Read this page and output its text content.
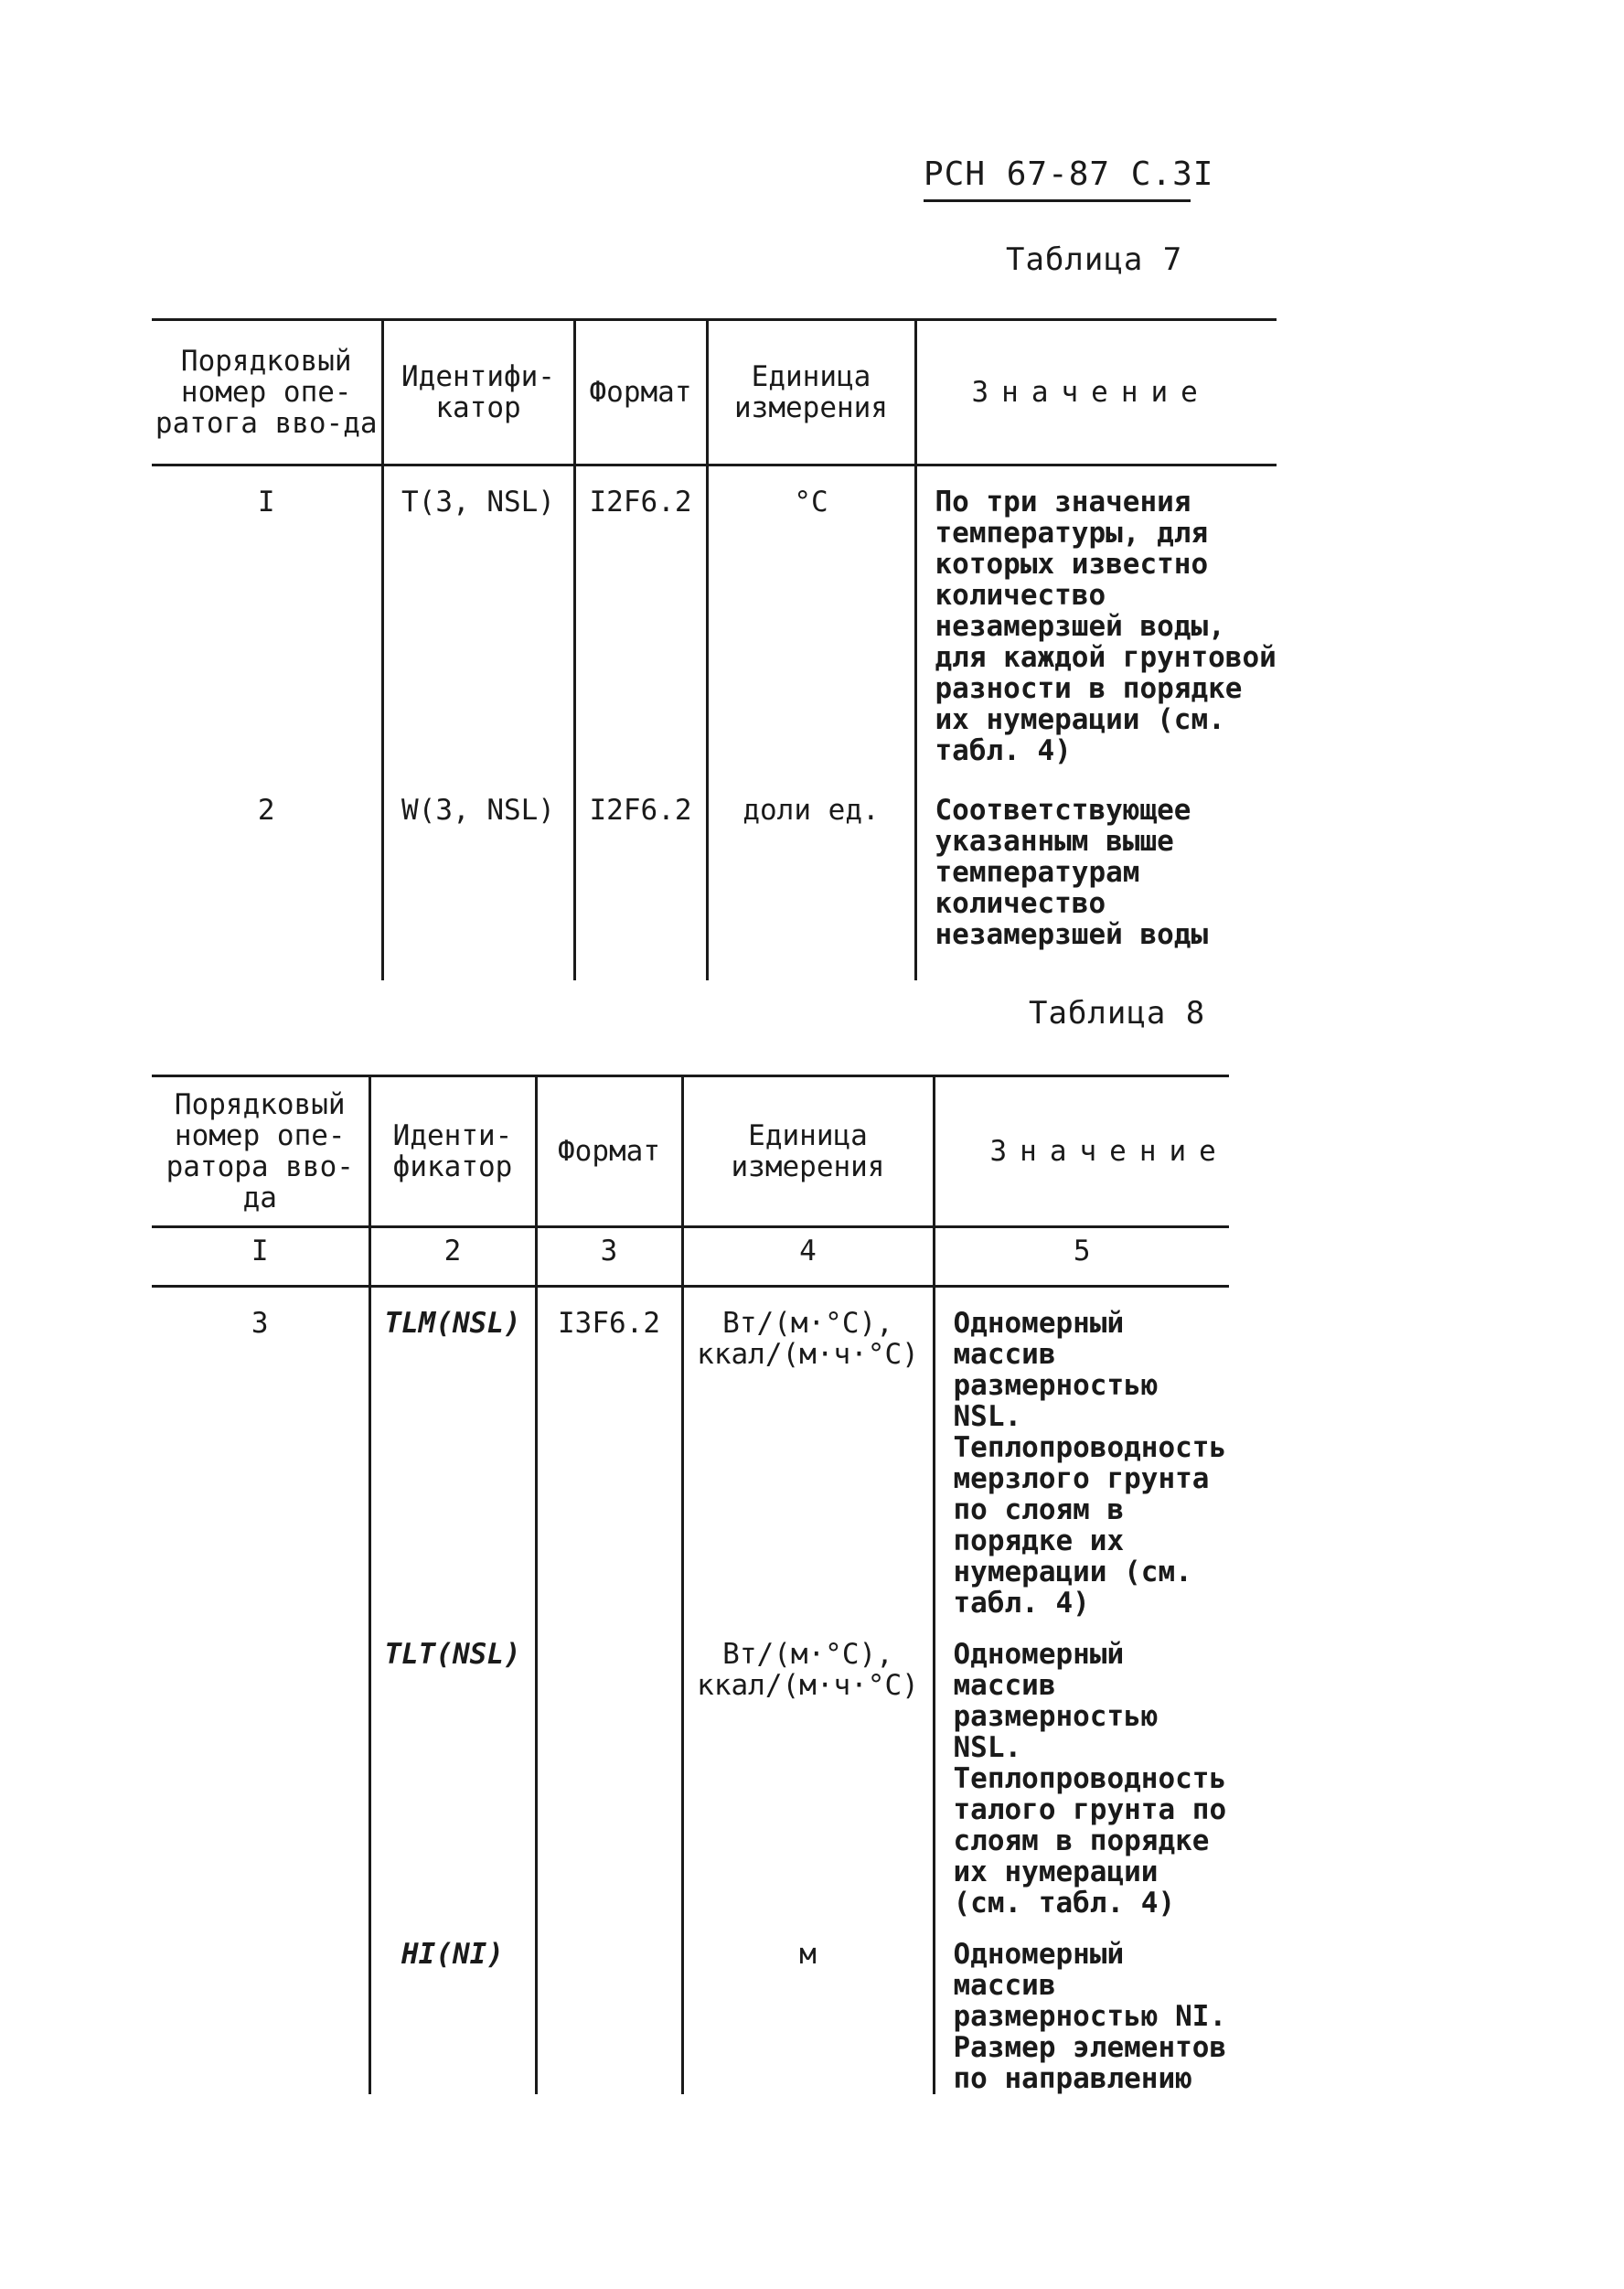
РСН 67-87 С.3I
Таблица 7
Порядковый номер опе-ратога вво-да	Идентифи-катор	Формат	Единица измерения	Значение
I	T(3, NSL)	I2F6.2	°C	По три значения температуры, для которых известно количество незамерзшей воды, для каждой грунтовой разности в порядке их нумерации (см. табл. 4)
2	W(3, NSL)	I2F6.2	доли ед.	Соответствующее указанным выше температурам количество незамерзшей воды
Таблица 8
Порядковый номер опе-ратора вво-да	Иденти-фикатор	Формат	Единица измерения	Значение
I	2	3	4	5
3	TLM(NSL)	I3F6.2	Вт/(м·°C), ккал/(м·ч·°C)	Одномерный массив размерностью NSL. Теплопроводность мерзлого грунта по слоям в порядке их нумерации (см. табл. 4)
	TLT(NSL)		Вт/(м·°C), ккал/(м·ч·°C)	Одномерный массив размерностью NSL. Теплопроводность талого грунта по слоям в порядке их нумерации (см. табл. 4)
	HI(NI)		м	Одномерный массив размерностью NI. Размер элементов по направлению
